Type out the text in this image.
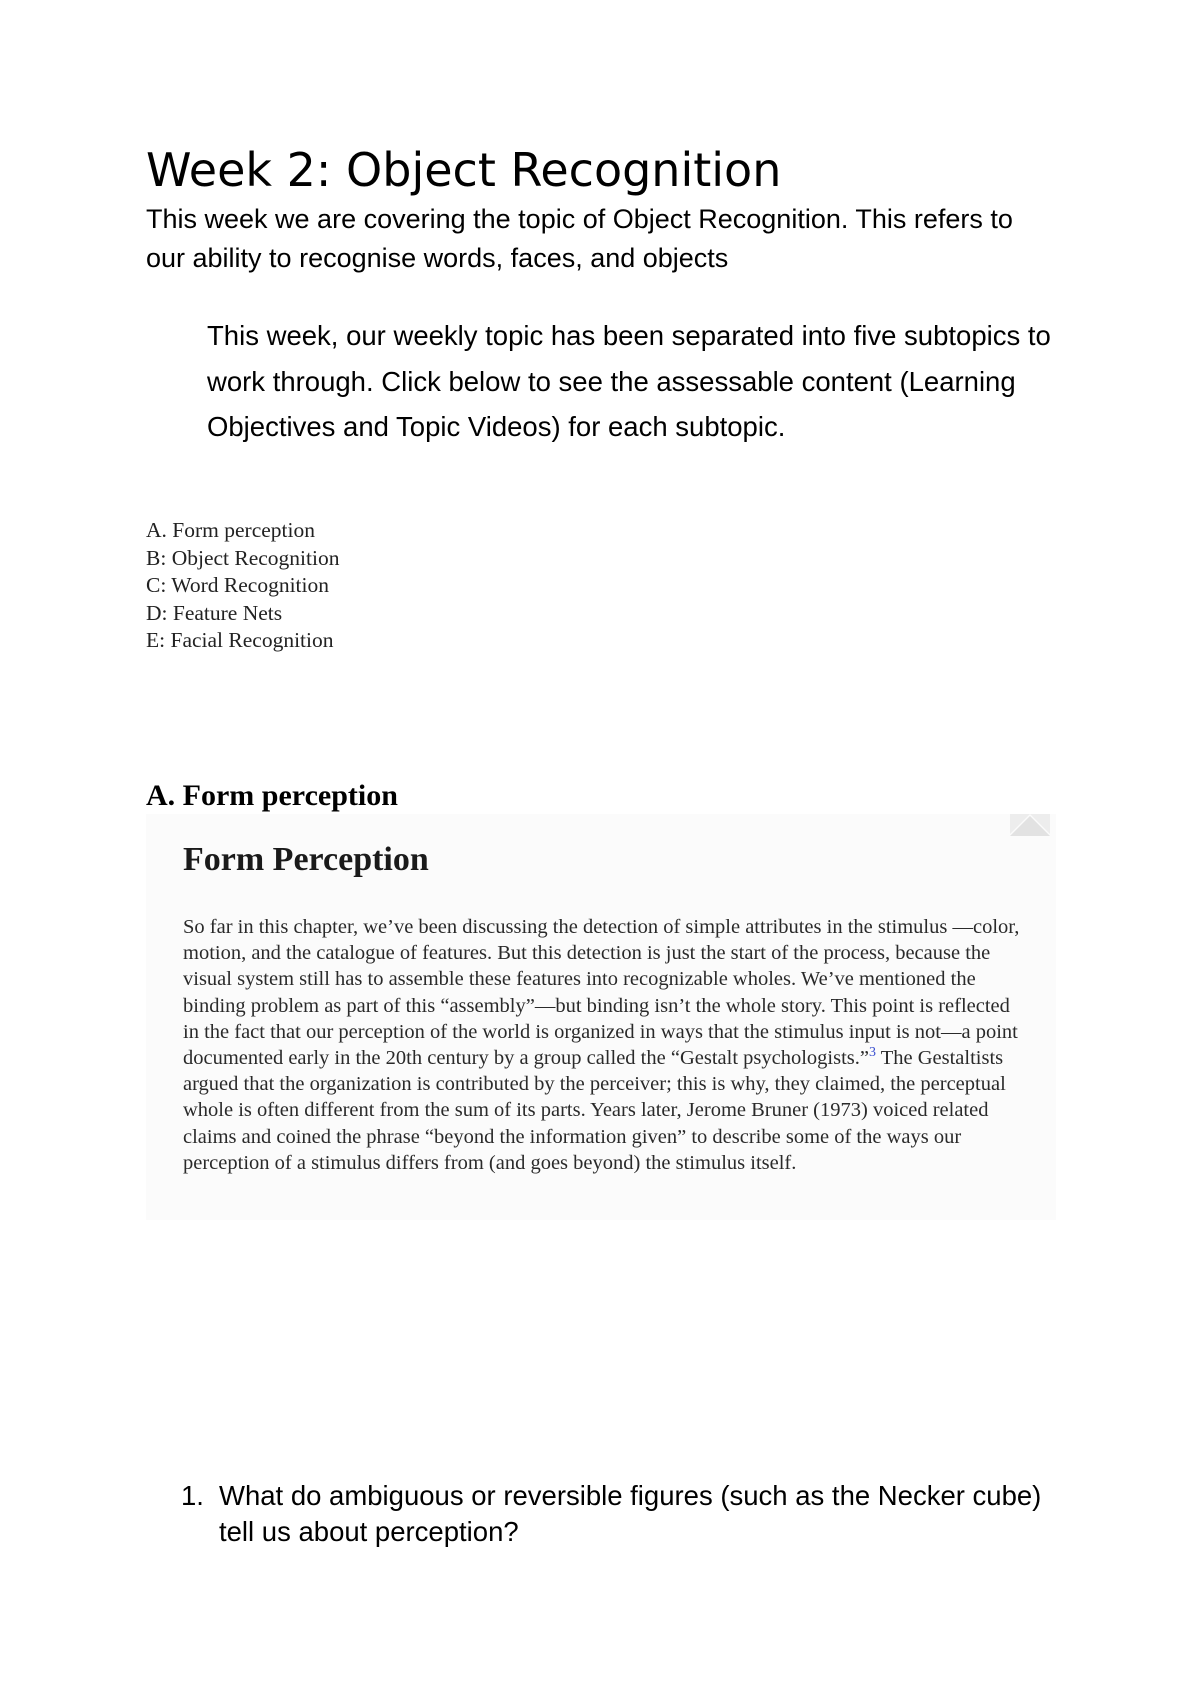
Week 2: Object Recognition

This week we are covering the topic of Object Recognition. This refers to our ability to recognise words, faces, and objects

This week, our weekly topic has been separated into five subtopics to work through. Click below to see the assessable content (Learning Objectives and Topic Videos) for each subtopic.

A. Form perception
B: Object Recognition
C: Word Recognition
D: Feature Nets
E: Facial Recognition
A. Form perception
Form Perception

So far in this chapter, we’ve been discussing the detection of simple attributes in the stimulus —color, motion, and the catalogue of features. But this detection is just the start of the process, because the visual system still has to assemble these features into recognizable wholes. We’ve mentioned the binding problem as part of this “assembly”—but binding isn’t the whole story. This point is reflected in the fact that our perception of the world is organized in ways that the stimulus input is not—a point documented early in the 20th century by a group called the “Gestalt psychologists.”$^3$ The Gestaltists argued that the organization is contributed by the perceiver; this is why, they claimed, the perceptual whole is often different from the sum of its parts. Years later, Jerome Bruner (1973) voiced related claims and coined the phrase “beyond the information given” to describe some of the ways our perception of a stimulus differs from (and goes beyond) the stimulus itself.

1. What do ambiguous or reversible figures (such as the Necker cube) tell us about perception?
